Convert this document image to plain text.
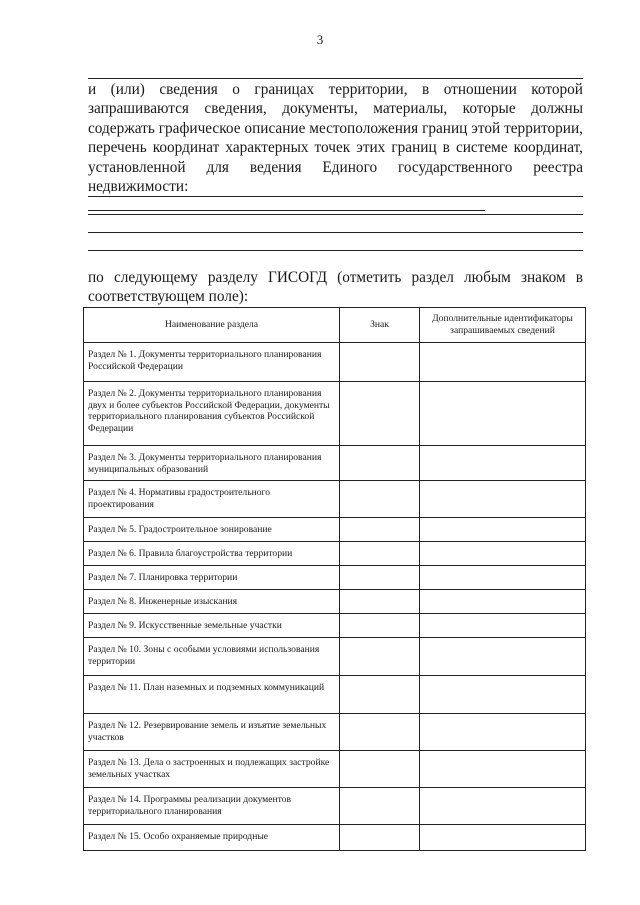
3

и (или) сведения о границах территории, в отношении которой запрашиваются сведения, документы, материалы, которые должны содержать графическое описание местоположения границ этой территории, перечень координат характерных точек этих границ в системе координат, установленной для ведения Единого государственного реестра недвижимости:

по следующему разделу ГИСОГД (отметить раздел любым знаком в соответствующем поле):

Наименование раздела	Знак	Дополнительные идентификаторы запрашиваемых сведений

Раздел № 1. Документы территориального планирования Российской Федерации		
Раздел № 2. Документы территориального планирования двух и более субъектов Российской Федерации, документы территориального планирования субъектов Российской Федерации		
Раздел № 3. Документы территориального планирования муниципальных образований		
Раздел № 4. Нормативы градостроительного проектирования		
Раздел № 5. Градостроительное зонирование		
Раздел № 6. Правила благоустройства территории		
Раздел № 7. Планировка территории		
Раздел № 8. Инженерные изыскания		
Раздел № 9. Искусственные земельные участки		
Раздел № 10. Зоны с особыми условиями использования территории		
Раздел № 11. План наземных и подземных коммуникаций		
Раздел № 12. Резервирование земель и изъятие земельных участков		
Раздел № 13. Дела о застроенных и подлежащих застройке земельных участках		
Раздел № 14. Программы реализации документов территориального планирования		
Раздел № 15. Особо охраняемые природные		
